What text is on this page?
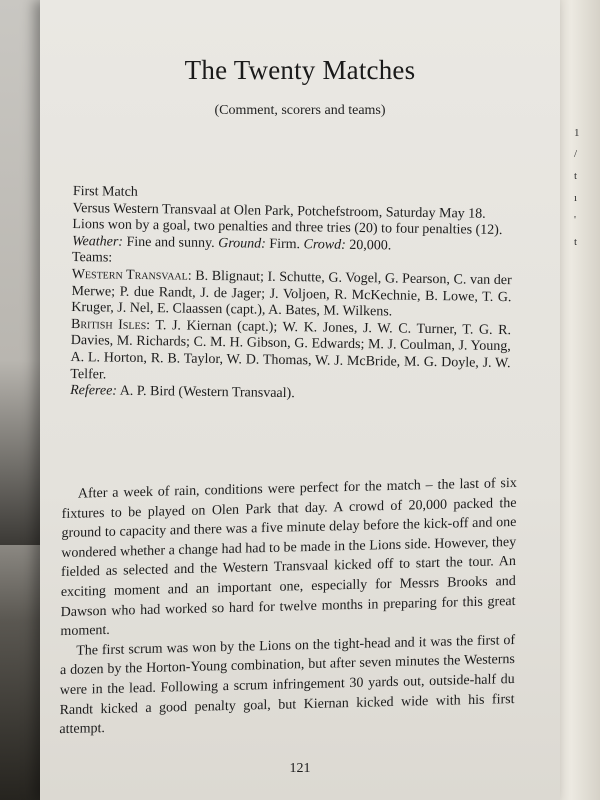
1
/
t
ı
'
t
The Twenty Matches
(Comment, scorers and teams)

First Match

Versus Western Transvaal at Olen Park, Potchefstroom, Saturday May 18.

Lions won by a goal, two penalties and three tries (20) to four penalties (12).

Weather: Fine and sunny. Ground: Firm. Crowd: 20,000.

Teams:

Western Transvaal: B. Blignaut; I. Schutte, G. Vogel, G. Pearson, C. van der Merwe; P. due Randt, J. de Jager; J. Voljoen, R. McKechnie, B. Lowe, T. G. Kruger, J. Nel, E. Claassen (capt.), A. Bates, M. Wilkens.

British Isles: T. J. Kiernan (capt.); W. K. Jones, J. W. C. Turner, T. G. R. Davies, M. Richards; C. M. H. Gibson, G. Edwards; M. J. Coulman, J. Young, A. L. Horton, R. B. Taylor, W. D. Thomas, W. J. McBride, M. G. Doyle, J. W. Telfer.

Referee: A. P. Bird (Western Transvaal).

After a week of rain, conditions were perfect for the match – the last of six fixtures to be played on Olen Park that day. A crowd of 20,000 packed the ground to capacity and there was a five minute delay before the kick-off and one wondered whether a change had had to be made in the Lions side. However, they fielded as selected and the Western Transvaal kicked off to start the tour. An exciting moment and an important one, especially for Messrs Brooks and Dawson who had worked so hard for twelve months in preparing for this great moment.

The first scrum was won by the Lions on the tight-head and it was the first of a dozen by the Horton-Young combination, but after seven minutes the Westerns were in the lead. Following a scrum infringement 30 yards out, outside-half du Randt kicked a good penalty goal, but Kiernan kicked wide with his first attempt.

121
